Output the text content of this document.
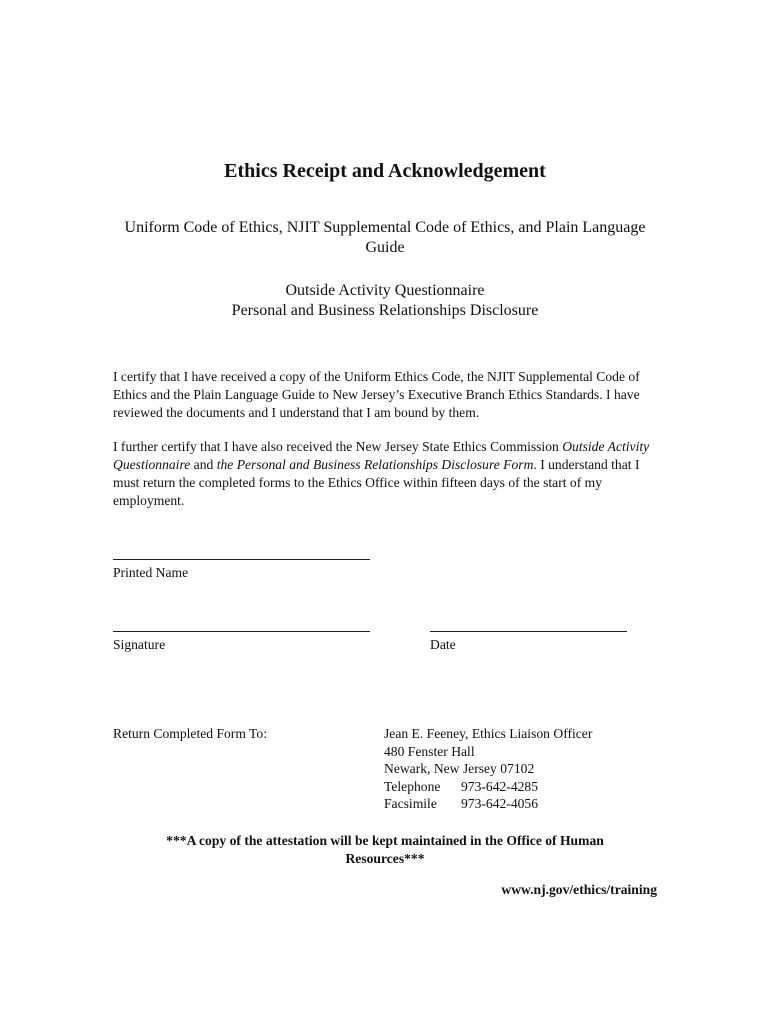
Ethics Receipt and Acknowledgement
Uniform Code of Ethics, NJIT Supplemental Code of Ethics, and Plain Language Guide
Outside Activity Questionnaire
Personal and Business Relationships Disclosure
I certify that I have received a copy of the Uniform Ethics Code, the NJIT Supplemental Code of Ethics and the Plain Language Guide to New Jersey’s Executive Branch Ethics Standards. I have reviewed the documents and I understand that I am bound by them.
I further certify that I have also received the New Jersey State Ethics Commission Outside Activity Questionnaire and the Personal and Business Relationships Disclosure Form. I understand that I must return the completed forms to the Ethics Office within fifteen days of the start of my employment.
Printed Name
Signature	Date
Return Completed Form To:	Jean E. Feeney, Ethics Liaison Officer
480 Fenster Hall
Newark, New Jersey 07102
Telephone 973-642-4285
Facsimile 973-642-4056
***A copy of the attestation will be kept maintained in the Office of Human Resources***
www.nj.gov/ethics/training
